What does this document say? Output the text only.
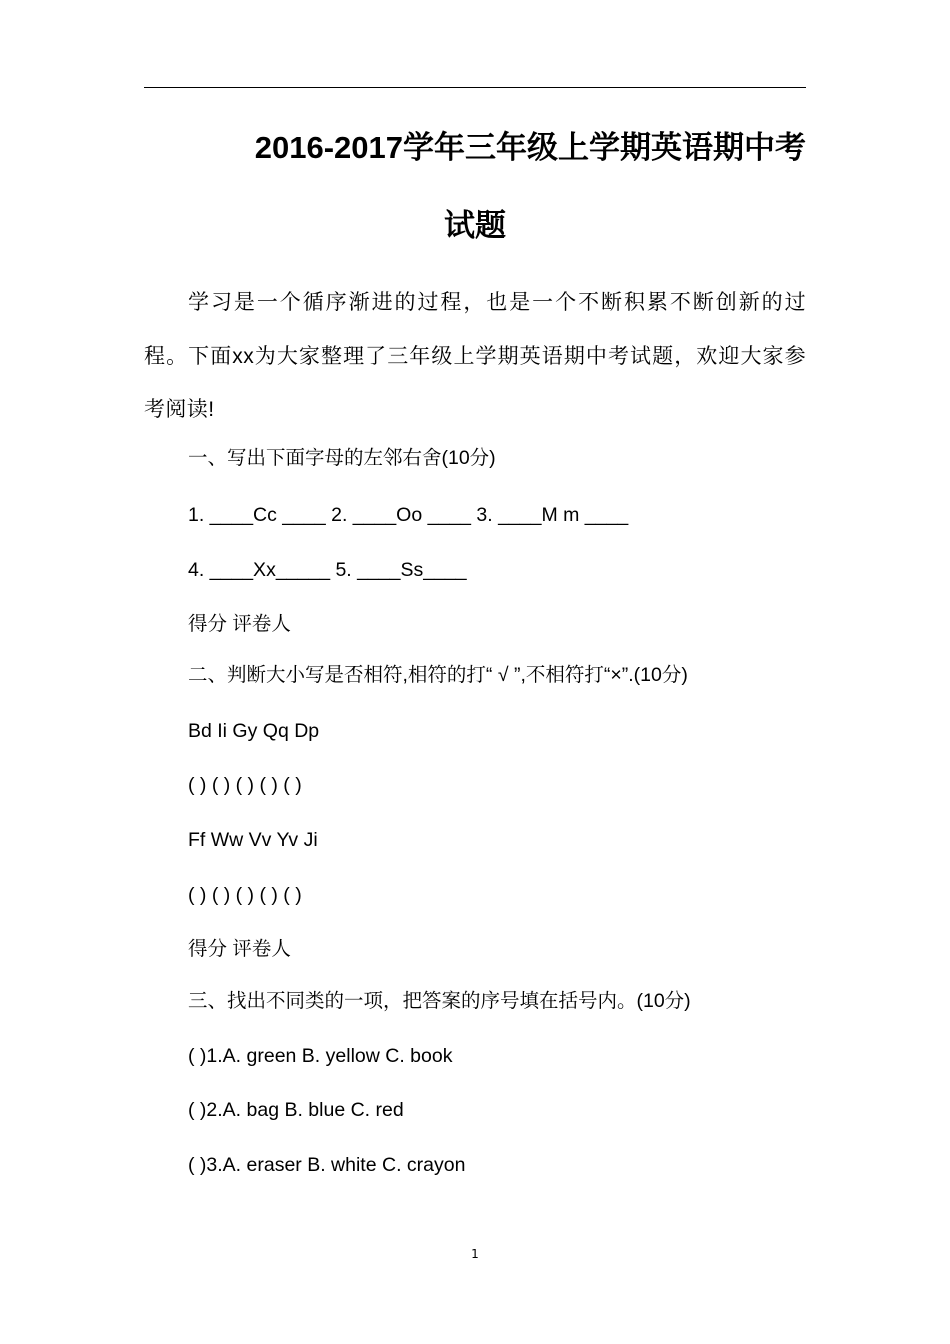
2016-2017学年三年级上学期英语期中考
试题
学习是一个循序渐进的过程，也是一个不断积累不断创新的过程。下面xx为大家整理了三年级上学期英语期中考试题，欢迎大家参考阅读!
一、写出下面字母的左邻右舍(10分)
1. ____Cc ____ 2. ____Oo ____ 3. ____M m ____
4. ____Xx_____ 5. ____Ss____
得分 评卷人
二、判断大小写是否相符,相符的打“ √ ”,不相符打“×”.(10分)
Bd Ii Gy Qq Dp
( ) ( ) ( ) ( ) ( )
Ff Ww Vv Yv Ji
( ) ( ) ( ) ( ) ( )
得分 评卷人
三、找出不同类的一项，把答案的序号填在括号内。(10分)
( )1.A. green B. yellow C. book
( )2.A. bag B. blue C. red
( )3.A. eraser B. white C. crayon
1
